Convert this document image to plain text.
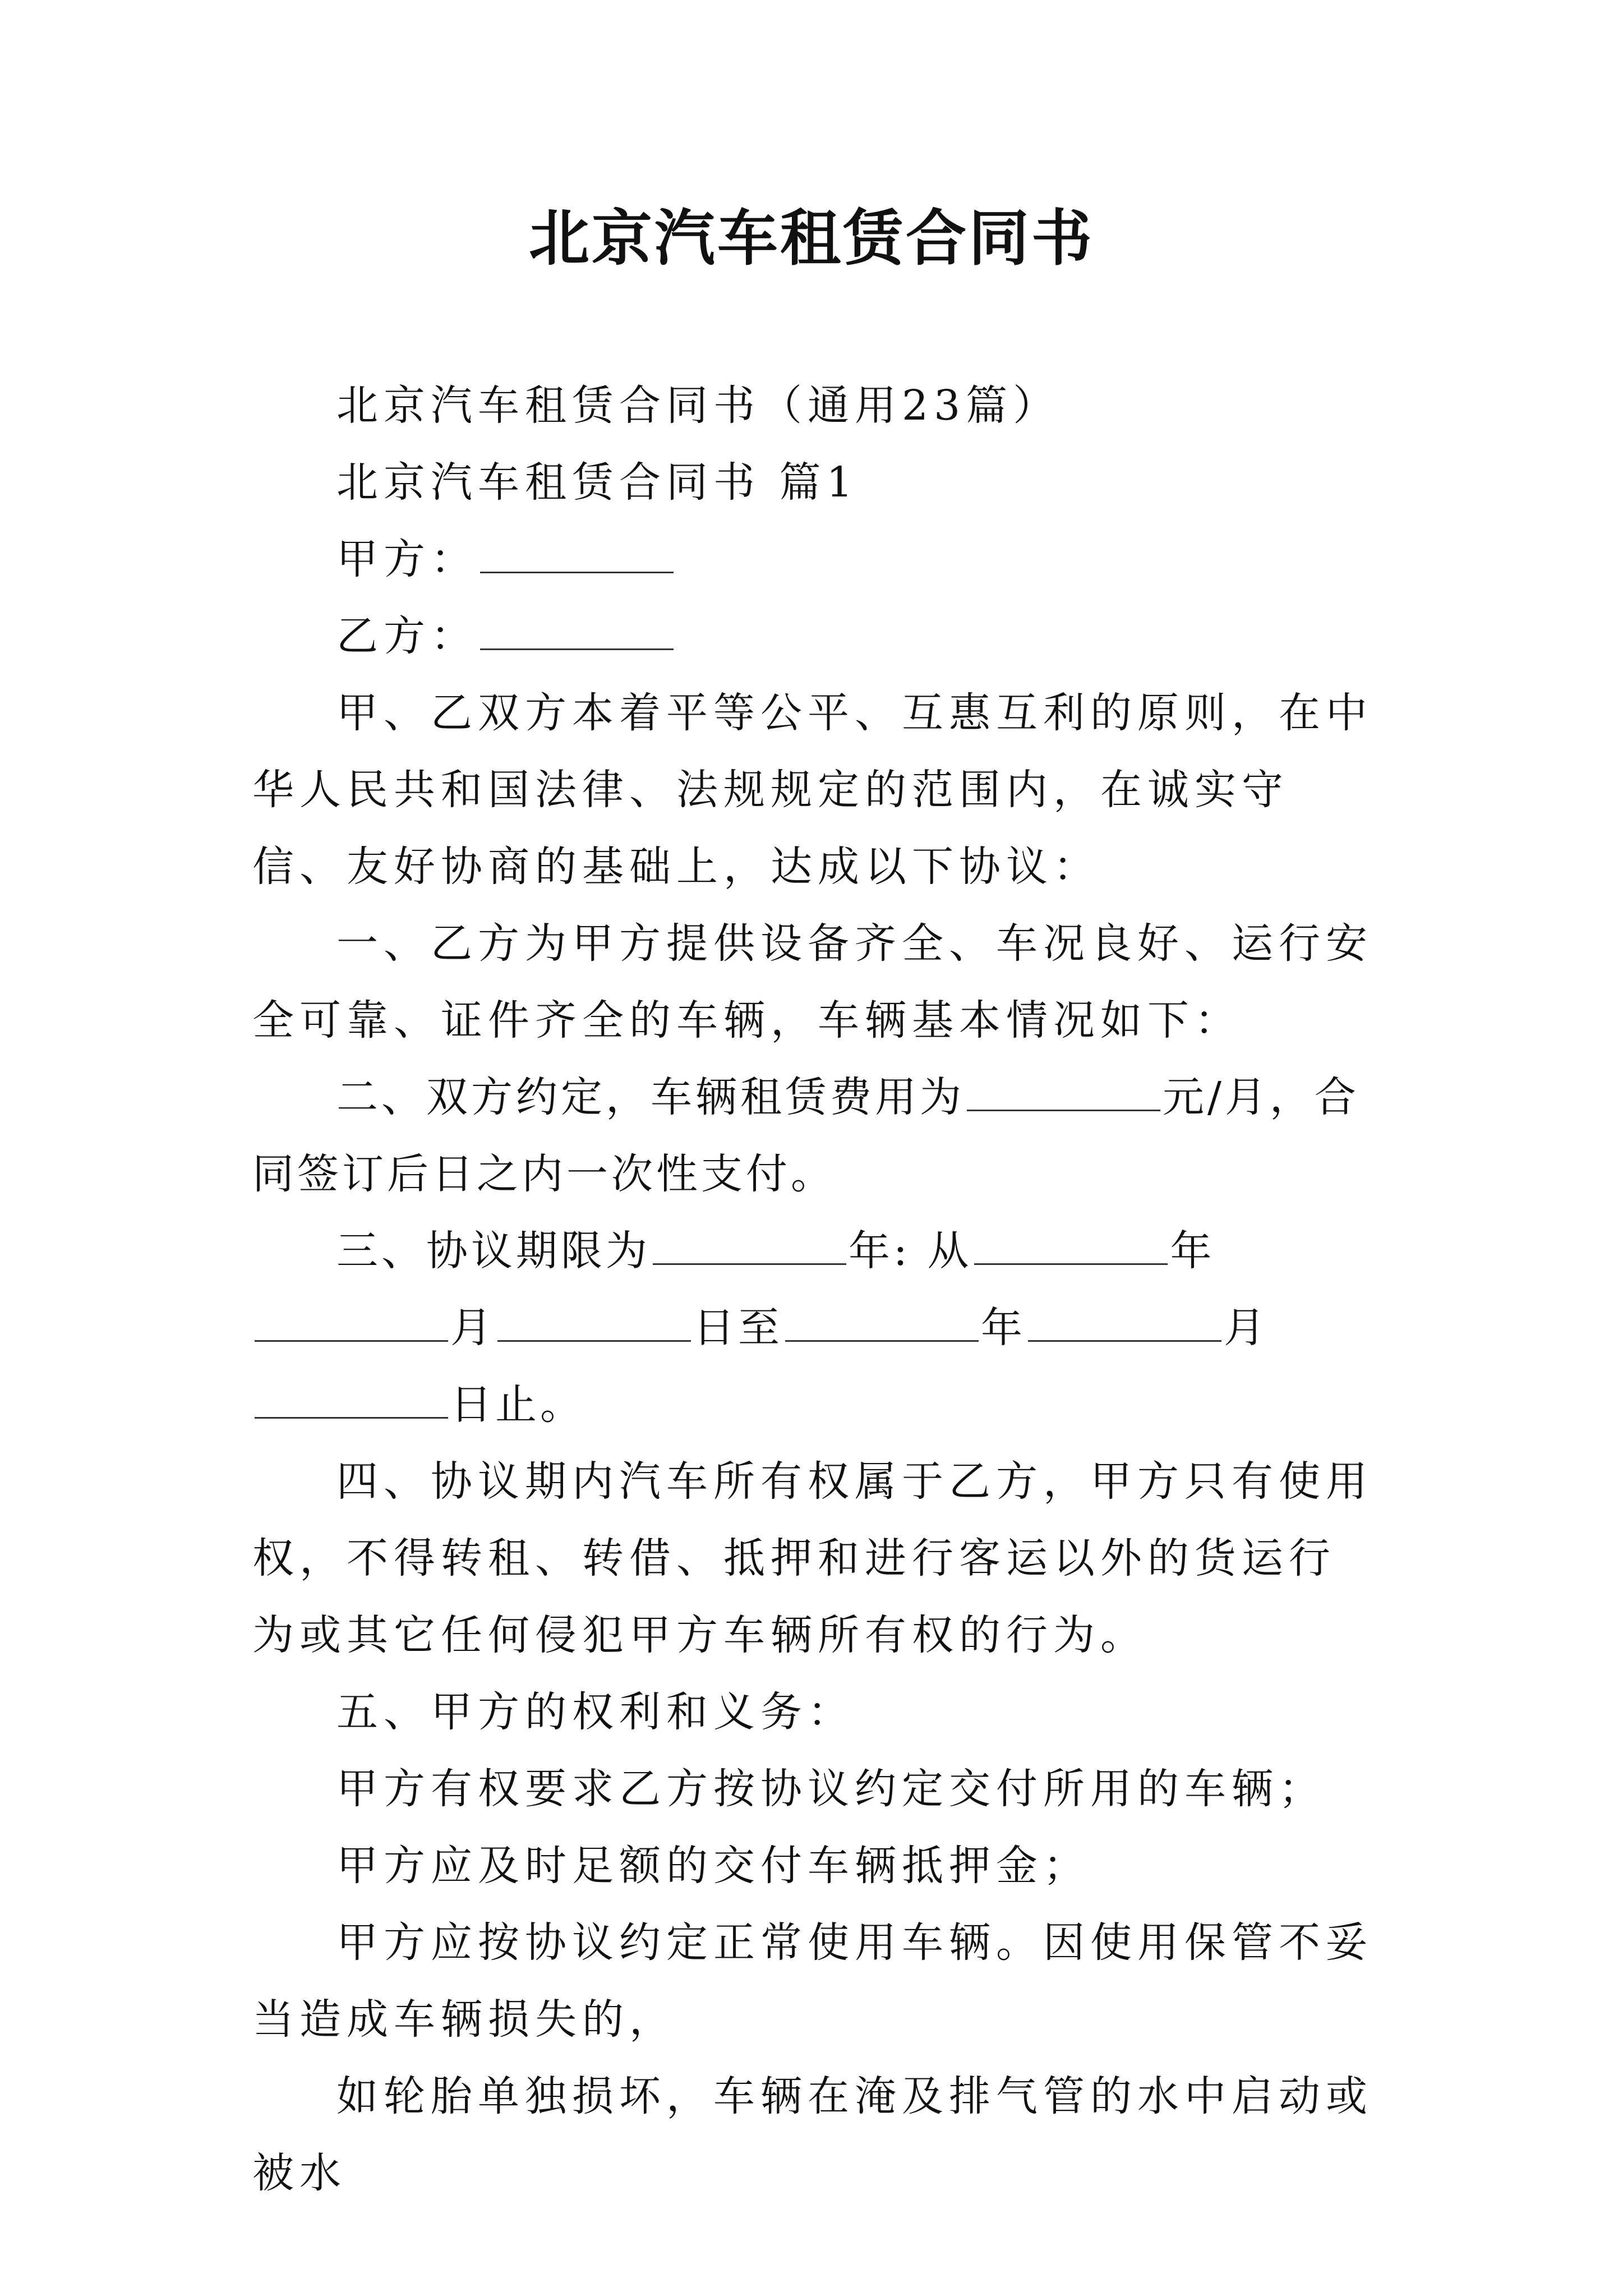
北京汽车租赁合同书

北京汽车租赁合同书（通用23篇）

北京汽车租赁合同书 篇1

甲方：

乙方：

甲、乙双方本着平等公平、互惠互利的原则，在中华人民共和国法律、法规规定的范围内，在诚实守信、友好协商的基础上，达成以下协议：

一、乙方为甲方提供设备齐全、车况良好、运行安全可靠、证件齐全的车辆，车辆基本情况如下：

二、双方约定，车辆租赁费用为	元/月，合同签订后日之内一次性支付。

三、协议期限为	年: 从	年月	日至	年	月日止。

四、协议期内汽车所有权属于乙方，甲方只有使用权，不得转租、转借、抵押和进行客运以外的货运行为或其它任何侵犯甲方车辆所有权的行为。

五、甲方的权利和义务：

甲方有权要求乙方按协议约定交付所用的车辆；

甲方应及时足额的交付车辆抵押金；

甲方应按协议约定正常使用车辆。因使用保管不妥当造成车辆损失的，

如轮胎单独损坏，车辆在淹及排气管的水中启动或被水
